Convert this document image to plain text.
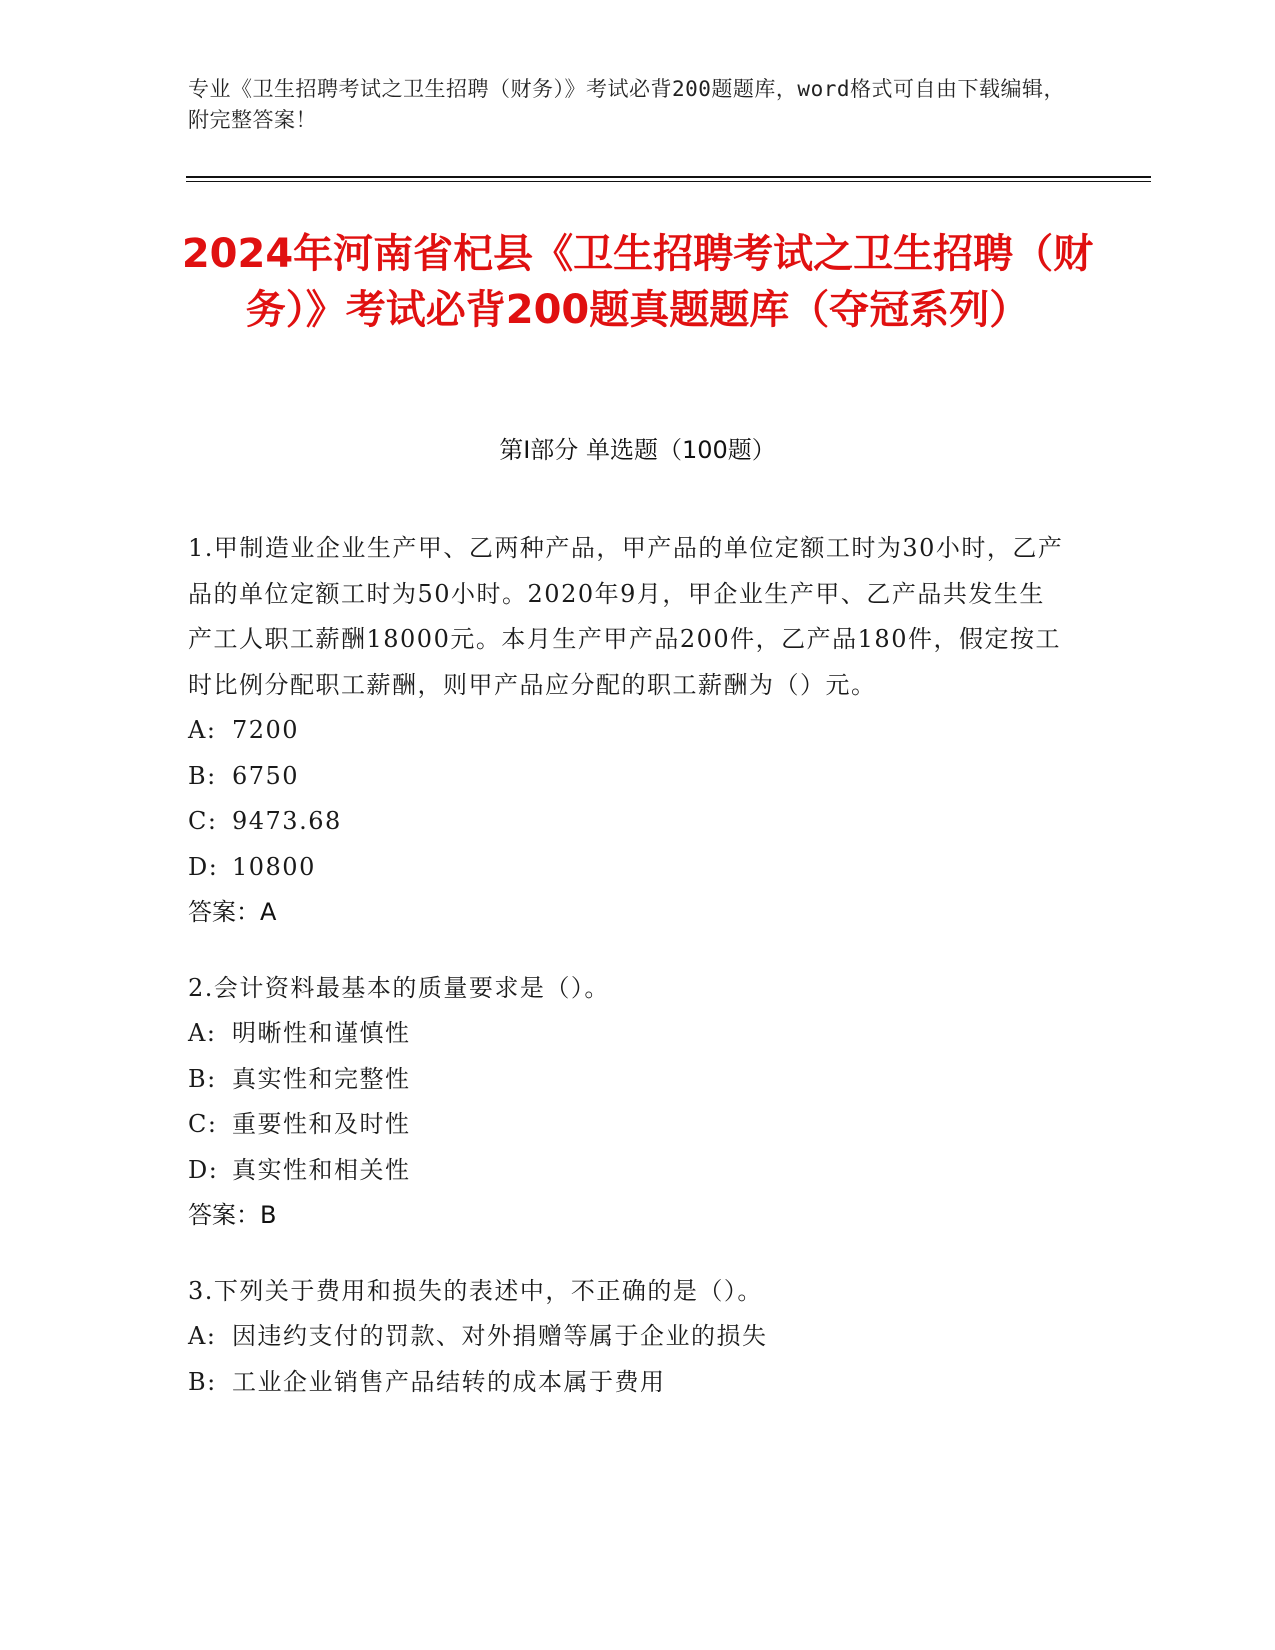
专业《卫生招聘考试之卫生招聘（财务）》考试必背200题题库，word格式可自由下载编辑，附完整答案！
2024年河南省杞县《卫生招聘考试之卫生招聘（财务）》考试必背200题真题题库（夺冠系列）
第Ⅰ部分 单选题（100题）

1.甲制造业企业生产甲、乙两种产品，甲产品的单位定额工时为30小时，乙产品的单位定额工时为50小时。2020年9月，甲企业生产甲、乙产品共发生生产工人职工薪酬18000元。本月生产甲产品200件，乙产品180件，假定按工时比例分配职工薪酬，则甲产品应分配的职工薪酬为（）元。

A: 7200
B: 6750
C: 9473.68
D: 10800
答案：A

2.会计资料最基本的质量要求是（）。

A: 明晰性和谨慎性
B: 真实性和完整性
C: 重要性和及时性
D: 真实性和相关性
答案：B

3.下列关于费用和损失的表述中，不正确的是（）。

A: 因违约支付的罚款、对外捐赠等属于企业的损失
B: 工业企业销售产品结转的成本属于费用
